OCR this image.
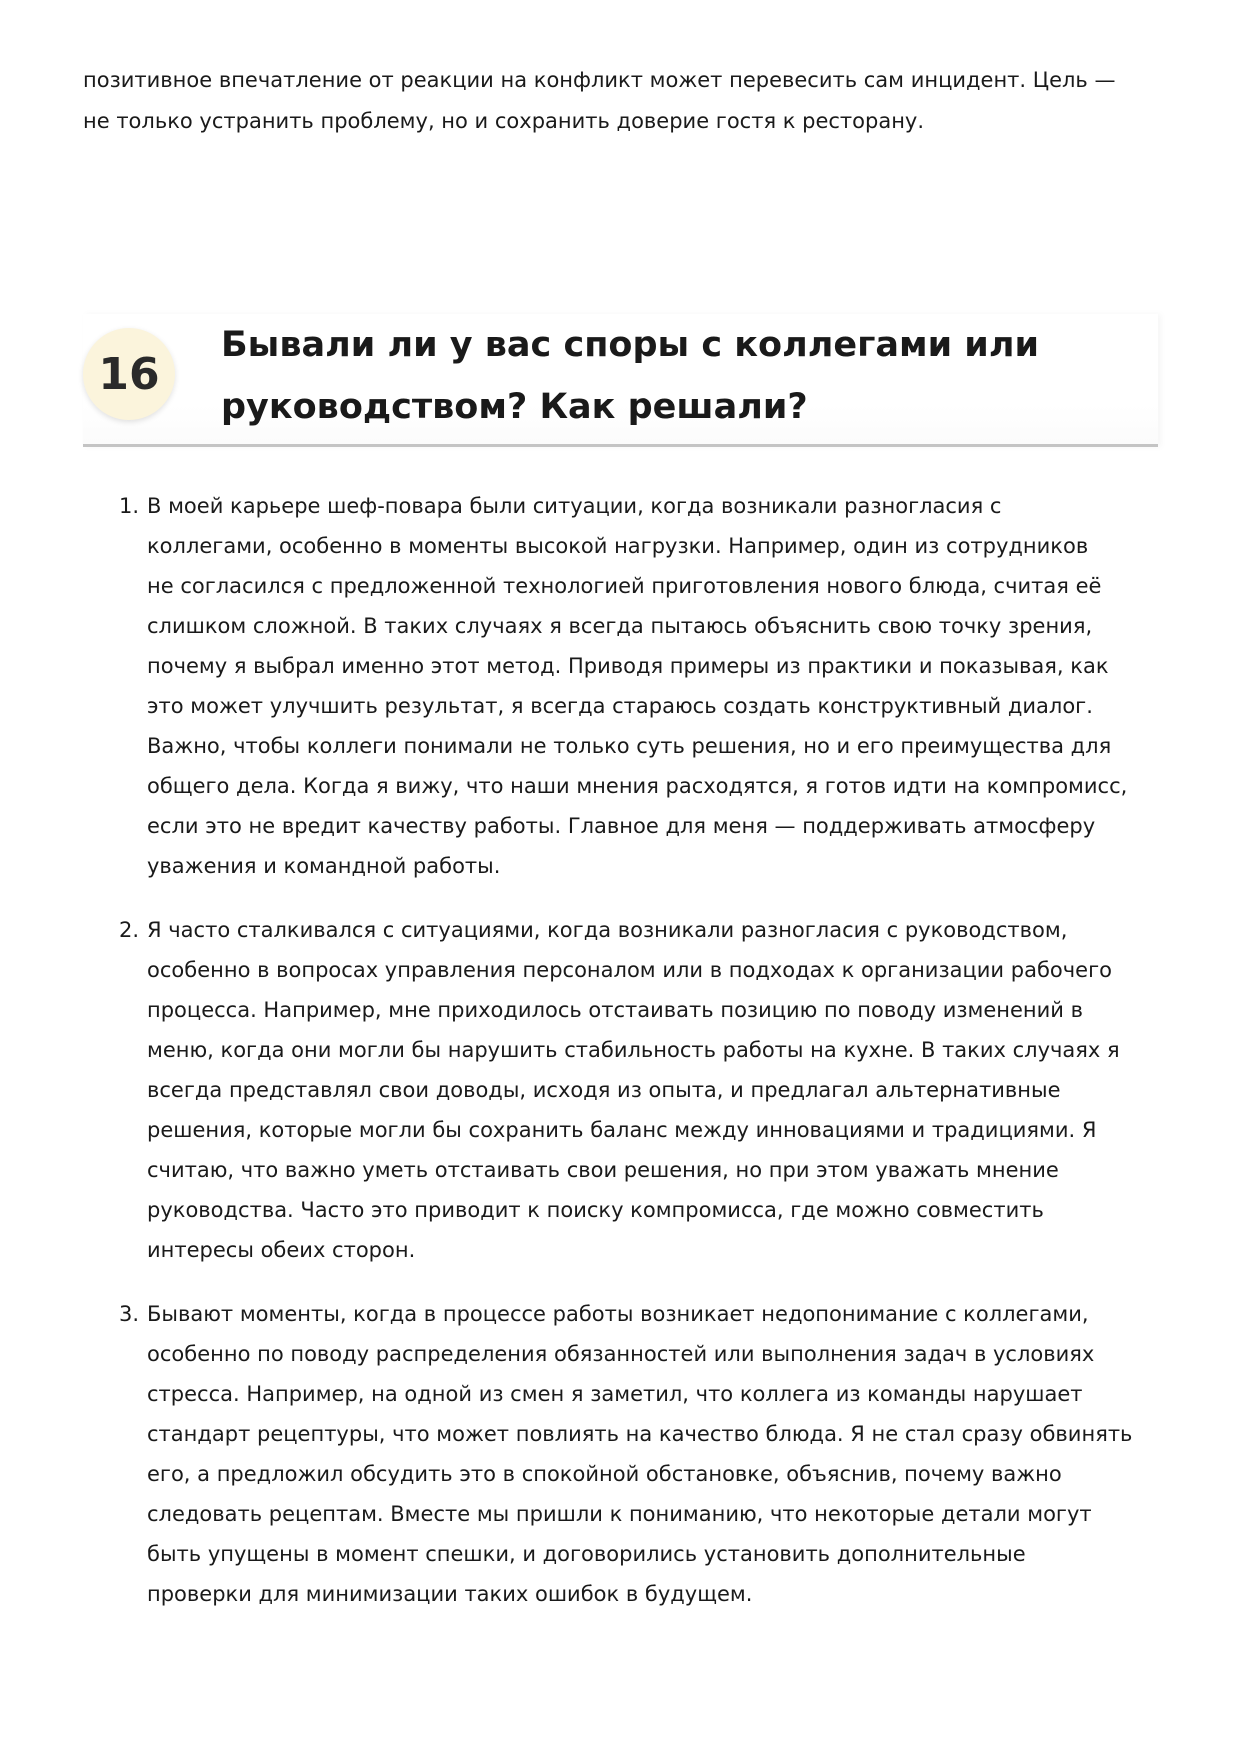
позитивное впечатление от реакции на конфликт может перевесить сам инцидент. Цель —
не только устранить проблему, но и сохранить доверие гостя к ресторану.

16
Бывали ли у вас споры с коллегами или
руководством? Как решали?
1. В моей карьере шеф-повара были ситуации, когда возникали разногласия с
коллегами, особенно в моменты высокой нагрузки. Например, один из сотрудников
не согласился с предложенной технологией приготовления нового блюда, считая её
слишком сложной. В таких случаях я всегда пытаюсь объяснить свою точку зрения,
почему я выбрал именно этот метод. Приводя примеры из практики и показывая, как
это может улучшить результат, я всегда стараюсь создать конструктивный диалог.
Важно, чтобы коллеги понимали не только суть решения, но и его преимущества для
общего дела. Когда я вижу, что наши мнения расходятся, я готов идти на компромисс,
если это не вредит качеству работы. Главное для меня — поддерживать атмосферу
уважения и командной работы.
2. Я часто сталкивался с ситуациями, когда возникали разногласия с руководством,
особенно в вопросах управления персоналом или в подходах к организации рабочего
процесса. Например, мне приходилось отстаивать позицию по поводу изменений в
меню, когда они могли бы нарушить стабильность работы на кухне. В таких случаях я
всегда представлял свои доводы, исходя из опыта, и предлагал альтернативные
решения, которые могли бы сохранить баланс между инновациями и традициями. Я
считаю, что важно уметь отстаивать свои решения, но при этом уважать мнение
руководства. Часто это приводит к поиску компромисса, где можно совместить
интересы обеих сторон.
3. Бывают моменты, когда в процессе работы возникает недопонимание с коллегами,
особенно по поводу распределения обязанностей или выполнения задач в условиях
стресса. Например, на одной из смен я заметил, что коллега из команды нарушает
стандарт рецептуры, что может повлиять на качество блюда. Я не стал сразу обвинять
его, а предложил обсудить это в спокойной обстановке, объяснив, почему важно
следовать рецептам. Вместе мы пришли к пониманию, что некоторые детали могут
быть упущены в момент спешки, и договорились установить дополнительные
проверки для минимизации таких ошибок в будущем.
